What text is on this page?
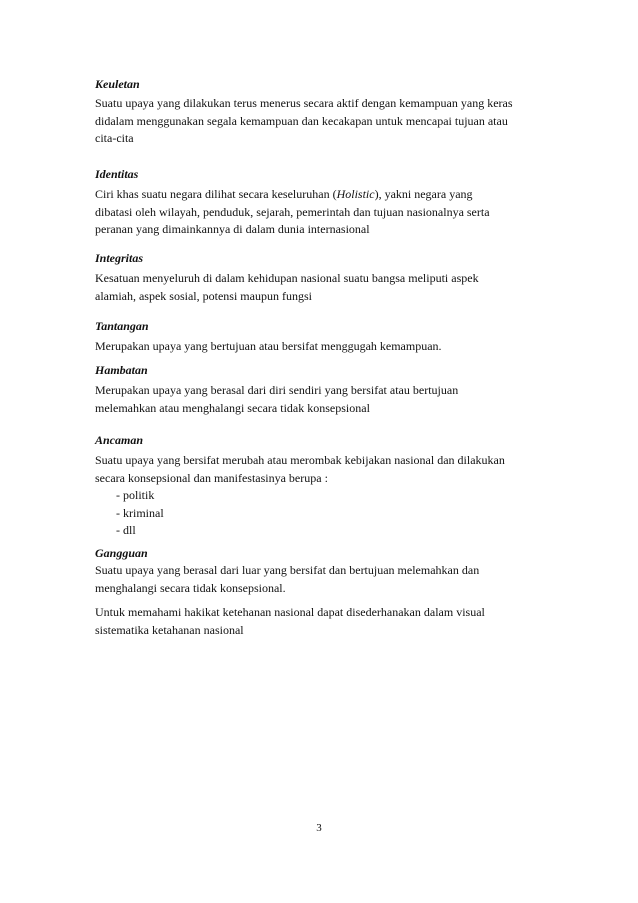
Keuletan

Suatu upaya yang dilakukan terus menerus secara aktif dengan kemampuan yang keras
didalam menggunakan segala kemampuan dan kecakapan untuk mencapai tujuan atau
cita-cita

Identitas

Ciri khas suatu negara dilihat secara keseluruhan (Holistic), yakni negara yang
dibatasi oleh wilayah, penduduk, sejarah, pemerintah dan tujuan nasionalnya serta
peranan yang dimainkannya di dalam dunia internasional

Integritas

Kesatuan menyeluruh di dalam kehidupan nasional suatu bangsa meliputi aspek
alamiah, aspek sosial, potensi maupun fungsi

Tantangan

Merupakan upaya yang bertujuan atau bersifat menggugah kemampuan.

Hambatan

Merupakan upaya yang berasal dari diri sendiri yang bersifat atau bertujuan
melemahkan atau menghalangi secara tidak konsepsional

Ancaman

Suatu upaya yang bersifat merubah atau merombak kebijakan nasional dan dilakukan
secara konsepsional dan manifestasinya berupa :

- politik
- kriminal
- dll

Gangguan

Suatu upaya yang berasal dari luar yang bersifat dan bertujuan melemahkan dan
menghalangi secara tidak konsepsional.

Untuk memahami hakikat ketehanan nasional dapat disederhanakan dalam visual
sistematika ketahanan nasional

3
